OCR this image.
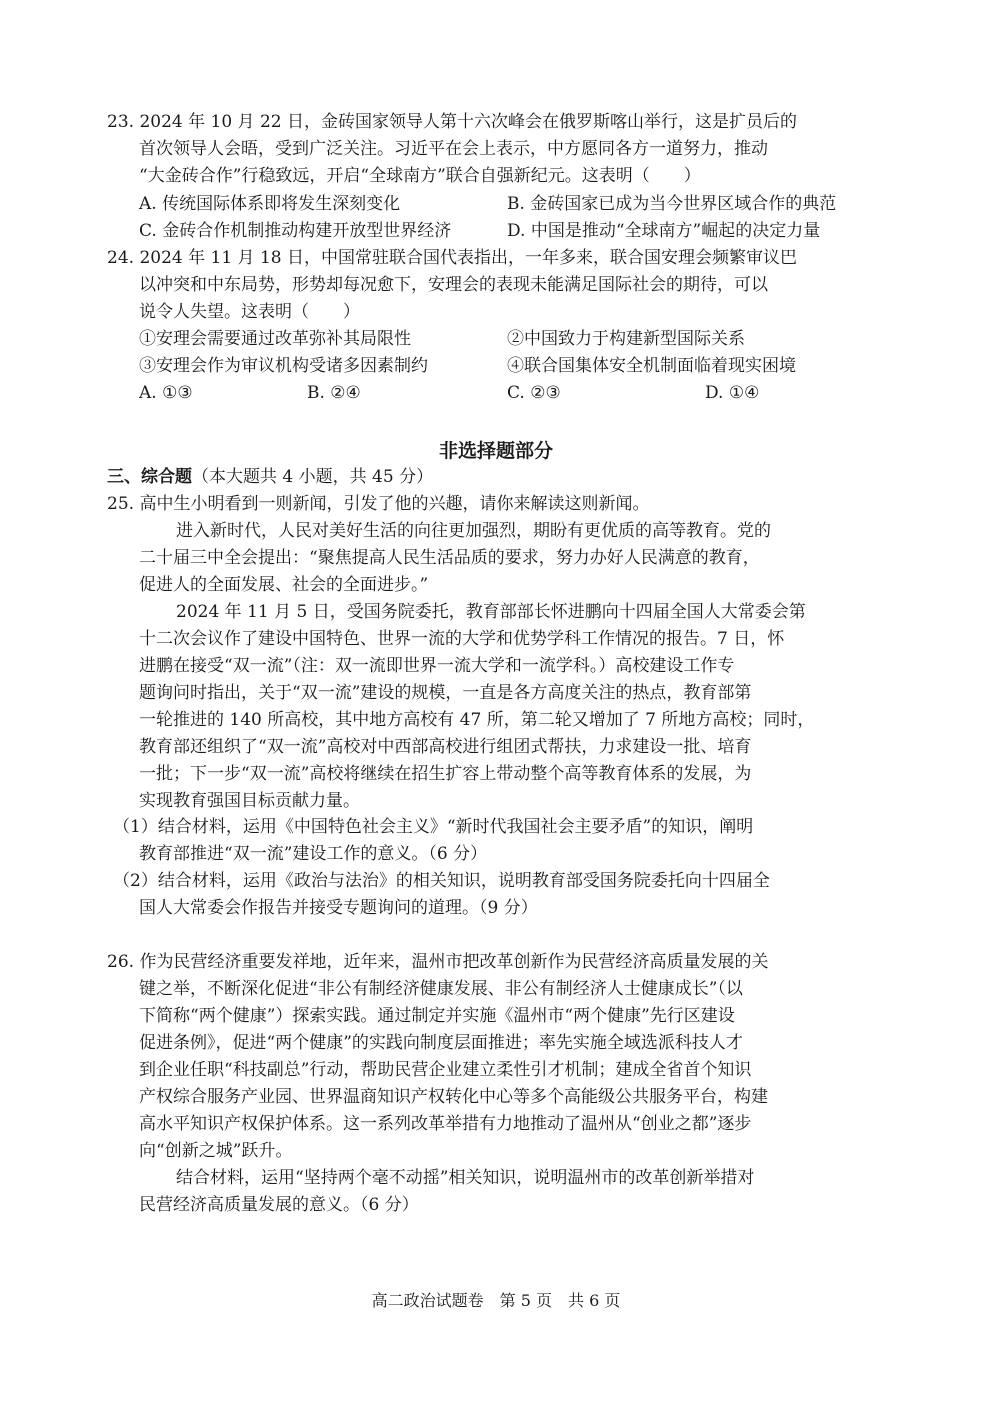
23. 2024 年 10 月 22 日，金砖国家领导人第十六次峰会在俄罗斯喀山举行，这是扩员后的
首次领导人会晤，受到广泛关注。习近平在会上表示，中方愿同各方一道努力，推动
“大金砖合作”行稳致远，开启“全球南方”联合自强新纪元。这表明（　　）
A. 传统国际体系即将发生深刻变化	B. 金砖国家已成为当今世界区域合作的典范
C. 金砖合作机制推动构建开放型世界经济	D. 中国是推动“全球南方”崛起的决定力量
24. 2024 年 11 月 18 日，中国常驻联合国代表指出，一年多来，联合国安理会频繁审议巴
以冲突和中东局势，形势却每况愈下，安理会的表现未能满足国际社会的期待，可以
说令人失望。这表明（　　）
①安理会需要通过改革弥补其局限性	②中国致力于构建新型国际关系
③安理会作为审议机构受诸多因素制约	④联合国集体安全机制面临着现实困境
A. ①③	B. ②④	C. ②③	D. ①④
非选择题部分
三、综合题（本大题共 4 小题，共 45 分）
25. 高中生小明看到一则新闻，引发了他的兴趣，请你来解读这则新闻。
进入新时代，人民对美好生活的向往更加强烈，期盼有更优质的高等教育。党的
二十届三中全会提出：“聚焦提高人民生活品质的要求，努力办好人民满意的教育，
促进人的全面发展、社会的全面进步。”
2024 年 11 月 5 日，受国务院委托，教育部部长怀进鹏向十四届全国人大常委会第
十二次会议作了建设中国特色、世界一流的大学和优势学科工作情况的报告。7 日，怀
进鹏在接受“双一流”（注：双一流即世界一流大学和一流学科。）高校建设工作专
题询问时指出，关于“双一流”建设的规模，一直是各方高度关注的热点，教育部第
一轮推进的 140 所高校，其中地方高校有 47 所，第二轮又增加了 7 所地方高校；同时，
教育部还组织了“双一流”高校对中西部高校进行组团式帮扶，力求建设一批、培育
一批；下一步“双一流”高校将继续在招生扩容上带动整个高等教育体系的发展，为
实现教育强国目标贡献力量。
（1）结合材料，运用《中国特色社会主义》“新时代我国社会主要矛盾”的知识，阐明
教育部推进“双一流”建设工作的意义。（6 分）
（2）结合材料，运用《政治与法治》的相关知识，说明教育部受国务院委托向十四届全
国人大常委会作报告并接受专题询问的道理。（9 分）
26. 作为民营经济重要发祥地，近年来，温州市把改革创新作为民营经济高质量发展的关
键之举，不断深化促进“非公有制经济健康发展、非公有制经济人士健康成长”（以
下简称“两个健康”）探索实践。通过制定并实施《温州市“两个健康”先行区建设
促进条例》，促进“两个健康”的实践向制度层面推进；率先实施全域选派科技人才
到企业任职“科技副总”行动，帮助民营企业建立柔性引才机制；建成全省首个知识
产权综合服务产业园、世界温商知识产权转化中心等多个高能级公共服务平台，构建
高水平知识产权保护体系。这一系列改革举措有力地推动了温州从“创业之都”逐步
向“创新之城”跃升。
结合材料，运用“坚持两个毫不动摇”相关知识，说明温州市的改革创新举措对
民营经济高质量发展的意义。（6 分）
高二政治试题卷　第 5 页　共 6 页
